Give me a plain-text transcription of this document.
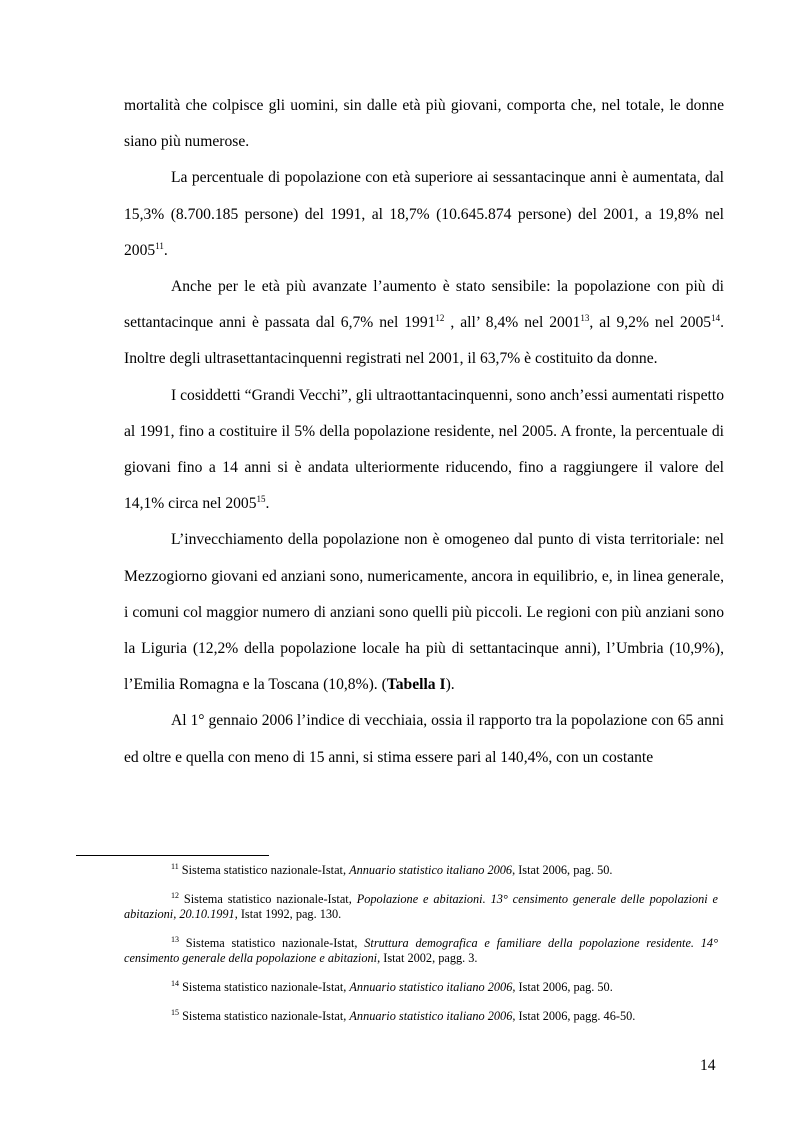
mortalità che colpisce gli uomini, sin dalle età più giovani, comporta che, nel totale, le donne siano più numerose.

La percentuale di popolazione con età superiore ai sessantacinque anni è aumentata, dal 15,3% (8.700.185 persone) del 1991, al 18,7% (10.645.874 persone) del 2001, a 19,8% nel 2005$^{11}$.

Anche per le età più avanzate l’aumento è stato sensibile: la popolazione con più di settantacinque anni è passata dal 6,7% nel 1991$^{12}$ , all’ 8,4% nel 2001$^{13}$, al 9,2% nel 2005$^{14}$. Inoltre degli ultrasettantacinquenni registrati nel 2001, il 63,7% è costituito da donne.

I cosiddetti “Grandi Vecchi”, gli ultraottantacinquenni, sono anch’essi aumentati rispetto al 1991, fino a costituire il 5% della popolazione residente, nel 2005. A fronte, la percentuale di giovani fino a 14 anni si è andata ulteriormente riducendo, fino a raggiungere il valore del 14,1% circa nel 2005$^{15}$.

L’invecchiamento della popolazione non è omogeneo dal punto di vista territoriale: nel Mezzogiorno giovani ed anziani sono, numericamente, ancora in equilibrio, e, in linea generale, i comuni col maggior numero di anziani sono quelli più piccoli. Le regioni con più anziani sono la Liguria (12,2% della popolazione locale ha più di settantacinque anni), l’Umbria (10,9%), l’Emilia Romagna e la Toscana (10,8%). (Tabella I).

Al 1° gennaio 2006 l’indice di vecchiaia, ossia il rapporto tra la popolazione con 65 anni ed oltre e quella con meno di 15 anni, si stima essere pari al 140,4%, con un costante

$^{11}$ Sistema statistico nazionale-Istat, Annuario statistico italiano 2006, Istat 2006, pag. 50.

$^{12}$ Sistema statistico nazionale-Istat, Popolazione e abitazioni. 13° censimento generale delle popolazioni e abitazioni, 20.10.1991, Istat 1992, pag. 130.

$^{13}$ Sistema statistico nazionale-Istat, Struttura demografica e familiare della popolazione residente. 14° censimento generale della popolazione e abitazioni, Istat 2002, pagg. 3.

$^{14}$ Sistema statistico nazionale-Istat, Annuario statistico italiano 2006, Istat 2006, pag. 50.

$^{15}$ Sistema statistico nazionale-Istat, Annuario statistico italiano 2006, Istat 2006, pagg. 46-50.

14
